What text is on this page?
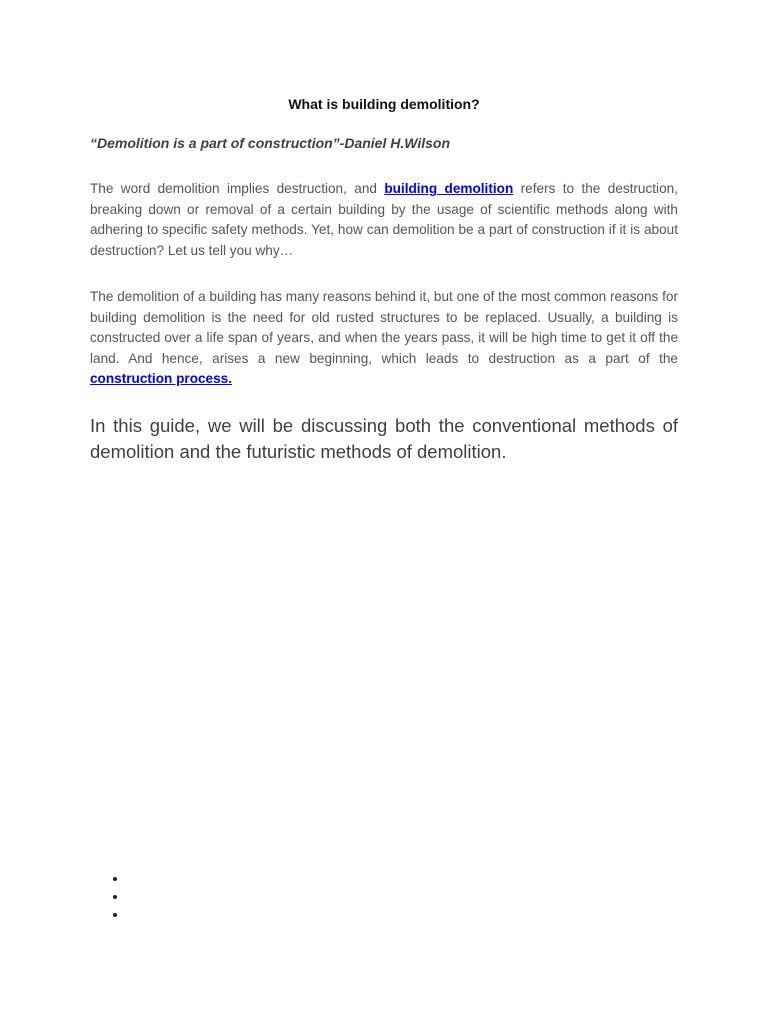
What is building demolition?
“Demolition is a part of construction”-Daniel H.Wilson

The word demolition implies destruction, and building demolition refers to the destruction, breaking down or removal of a certain building by the usage of scientific methods along with adhering to specific safety methods. Yet, how can demolition be a part of construction if it is about destruction? Let us tell you why…

The demolition of a building has many reasons behind it, but one of the most common reasons for building demolition is the need for old rusted structures to be replaced. Usually, a building is constructed over a life span of years, and when the years pass, it will be high time to get it off the land. And hence, arises a new beginning, which leads to destruction as a part of the construction process.

In this guide, we will be discussing both the conventional methods of demolition and the futuristic methods of demolition.
